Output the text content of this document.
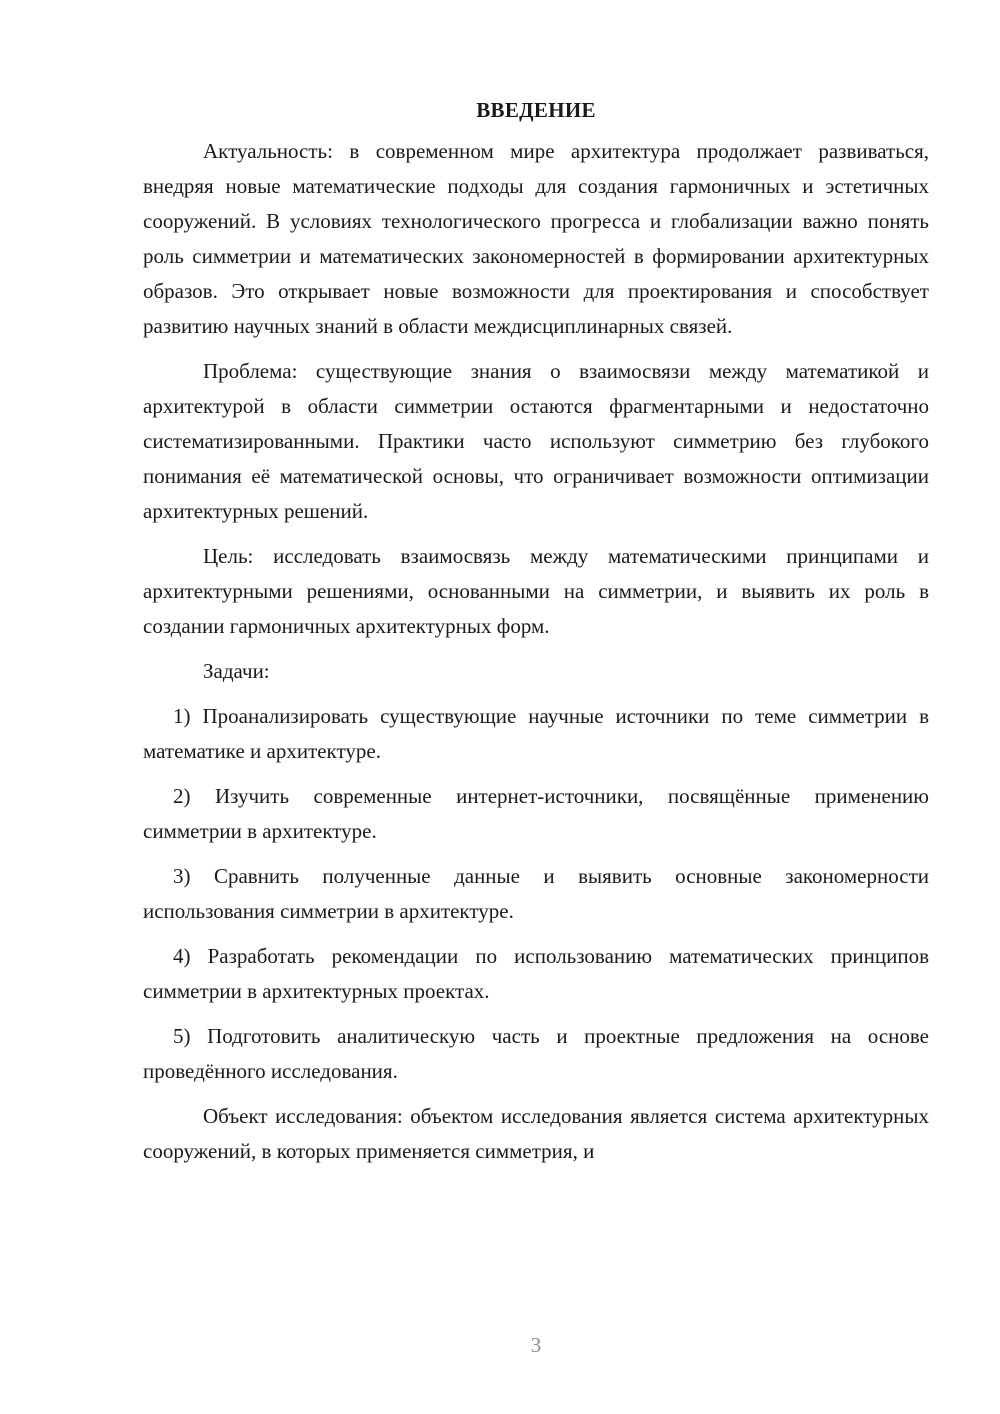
ВВЕДЕНИЕ

Актуальность: в современном мире архитектура продолжает развиваться, внедряя новые математические подходы для создания гармоничных и эстетичных сооружений. В условиях технологического прогресса и глобализации важно понять роль симметрии и математических закономерностей в формировании архитектурных образов. Это открывает новые возможности для проектирования и способствует развитию научных знаний в области междисциплинарных связей.

Проблема: существующие знания о взаимосвязи между математикой и архитектурой в области симметрии остаются фрагментарными и недостаточно систематизированными. Практики часто используют симметрию без глубокого понимания её математической основы, что ограничивает возможности оптимизации архитектурных решений.

Цель: исследовать взаимосвязь между математическими принципами и архитектурными решениями, основанными на симметрии, и выявить их роль в создании гармоничных архитектурных форм.

Задачи:

1) Проанализировать существующие научные источники по теме симметрии в математике и архитектуре.

2) Изучить современные интернет-источники, посвящённые применению симметрии в архитектуре.

3) Сравнить полученные данные и выявить основные закономерности использования симметрии в архитектуре.

4) Разработать рекомендации по использованию математических принципов симметрии в архитектурных проектах.

5) Подготовить аналитическую часть и проектные предложения на основе проведённого исследования.

Объект исследования: объектом исследования является система архитектурных сооружений, в которых применяется симметрия, и

3
